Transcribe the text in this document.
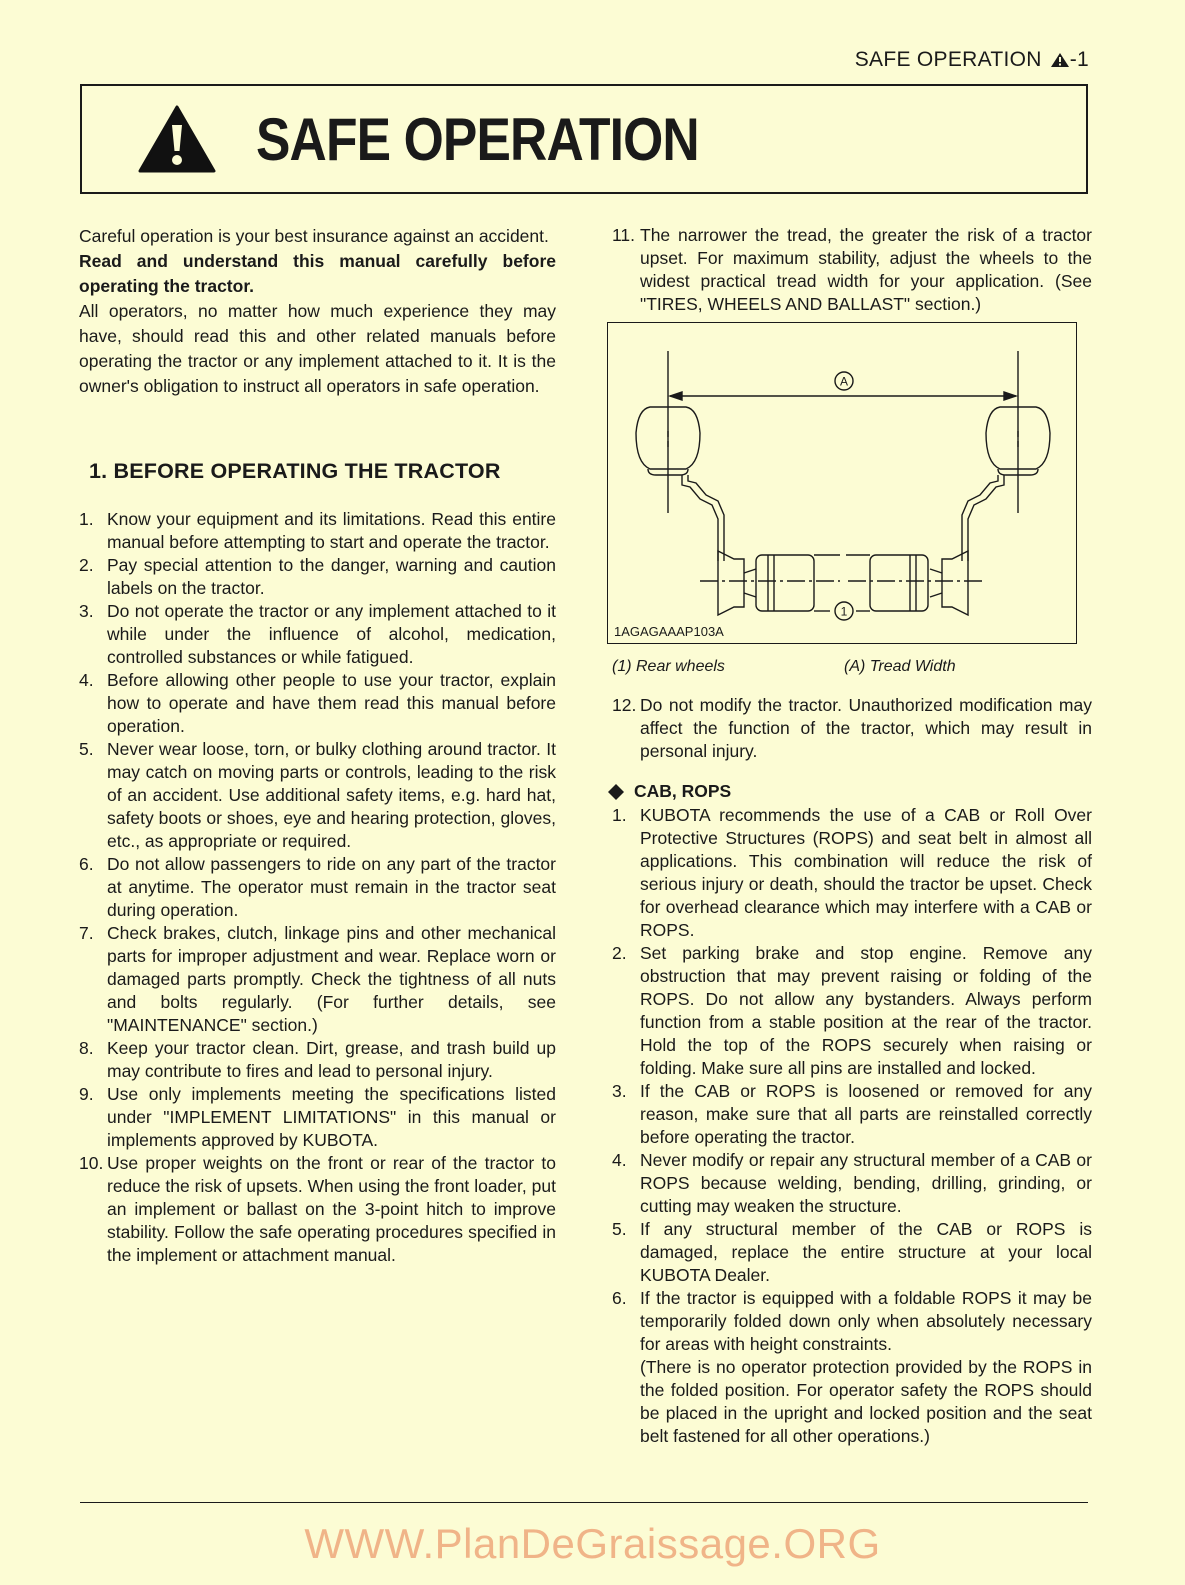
SAFE OPERATION -1
SAFE OPERATION

Careful operation is your best insurance against an accident.

Read and understand this manual carefully before operating the tractor.

All operators, no matter how much experience they may have, should read this and other related manuals before operating the tractor or any implement attached to it. It is the owner's obligation to instruct all operators in safe operation.

1. BEFORE OPERATING THE TRACTOR
1. Know your equipment and its limitations. Read this entire manual before attempting to start and operate the tractor.
2. Pay special attention to the danger, warning and caution labels on the tractor.
3. Do not operate the tractor or any implement attached to it while under the influence of alcohol, medication, controlled substances or while fatigued.
4. Before allowing other people to use your tractor, explain how to operate and have them read this manual before operation.
5. Never wear loose, torn, or bulky clothing around tractor. It may catch on moving parts or controls, leading to the risk of an accident. Use additional safety items, e.g. hard hat, safety boots or shoes, eye and hearing protection, gloves, etc., as appropriate or required.
6. Do not allow passengers to ride on any part of the tractor at anytime. The operator must remain in the tractor seat during operation.
7. Check brakes, clutch, linkage pins and other mechanical parts for improper adjustment and wear. Replace worn or damaged parts promptly. Check the tightness of all nuts and bolts regularly. (For further details, see "MAINTENANCE" section.)
8. Keep your tractor clean. Dirt, grease, and trash build up may contribute to fires and lead to personal injury.
9. Use only implements meeting the specifications listed under "IMPLEMENT LIMITATIONS" in this manual or implements approved by KUBOTA.
10. Use proper weights on the front or rear of the tractor to reduce the risk of upsets. When using the front loader, put an implement or ballast on the 3-point hitch to improve stability. Follow the safe operating procedures specified in the implement or attachment manual.
11. The narrower the tread, the greater the risk of a tractor upset. For maximum stability, adjust the wheels to the widest practical tread width for your application. (See "TIRES, WHEELS AND BALLAST" section.)
A
1
1AGAGAAAP103A
(1) Rear wheels	(A) Tread Width
12. Do not modify the tractor. Unauthorized modification may affect the function of the tractor, which may result in personal injury.
CAB, ROPS
1. KUBOTA recommends the use of a CAB or Roll Over Protective Structures (ROPS) and seat belt in almost all applications. This combination will reduce the risk of serious injury or death, should the tractor be upset. Check for overhead clearance which may interfere with a CAB or ROPS.
2. Set parking brake and stop engine. Remove any obstruction that may prevent raising or folding of the ROPS. Do not allow any bystanders. Always perform function from a stable position at the rear of the tractor. Hold the top of the ROPS securely when raising or folding. Make sure all pins are installed and locked.
3. If the CAB or ROPS is loosened or removed for any reason, make sure that all parts are reinstalled correctly before operating the tractor.
4. Never modify or repair any structural member of a CAB or ROPS because welding, bending, drilling, grinding, or cutting may weaken the structure.
5. If any structural member of the CAB or ROPS is damaged, replace the entire structure at your local KUBOTA Dealer.
6. If the tractor is equipped with a foldable ROPS it may be temporarily folded down only when absolutely necessary for areas with height constraints.
(There is no operator protection provided by the ROPS in the folded position. For operator safety the ROPS should be placed in the upright and locked position and the seat belt fastened for all other operations.)
WWW.PlanDeGraissage.ORG
